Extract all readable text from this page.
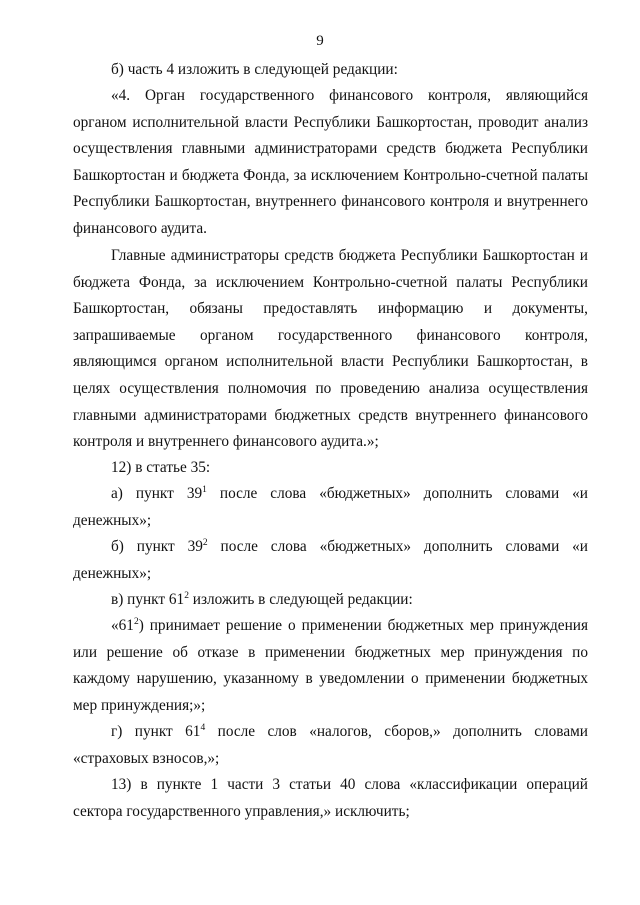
9

б) часть 4 изложить в следующей редакции:

«4. Орган государственного финансового контроля, являющийся органом исполнительной власти Республики Башкортостан, проводит анализ осуществления главными администраторами средств бюджета Республики Башкортостан и бюджета Фонда, за исключением Контрольно-счетной палаты Республики Башкортостан, внутреннего финансового контроля и внутреннего финансового аудита.

Главные администраторы средств бюджета Республики Башкортостан и бюджета Фонда, за исключением Контрольно-счетной палаты Республики Башкортостан, обязаны предоставлять информацию и документы, запрашиваемые органом государственного финансового контроля, являющимся органом исполнительной власти Республики Башкортостан, в целях осуществления полномочия по проведению анализа осуществления главными администраторами бюджетных средств внутреннего финансового контроля и внутреннего финансового аудита.»;

12) в статье 35:

а) пункт $39^1$ после слова «бюджетных» дополнить словами «и денежных»;

б) пункт $39^2$ после слова «бюджетных» дополнить словами «и денежных»;

в) пункт $61^2$ изложить в следующей редакции:

«$61^2$) принимает решение о применении бюджетных мер принуждения или решение об отказе в применении бюджетных мер принуждения по каждому нарушению, указанному в уведомлении о применении бюджетных мер принуждения;»;

г) пункт $61^4$ после слов «налогов, сборов,» дополнить словами «страховых взносов,»;

13) в пункте 1 части 3 статьи 40 слова «классификации операций сектора государственного управления,» исключить;
